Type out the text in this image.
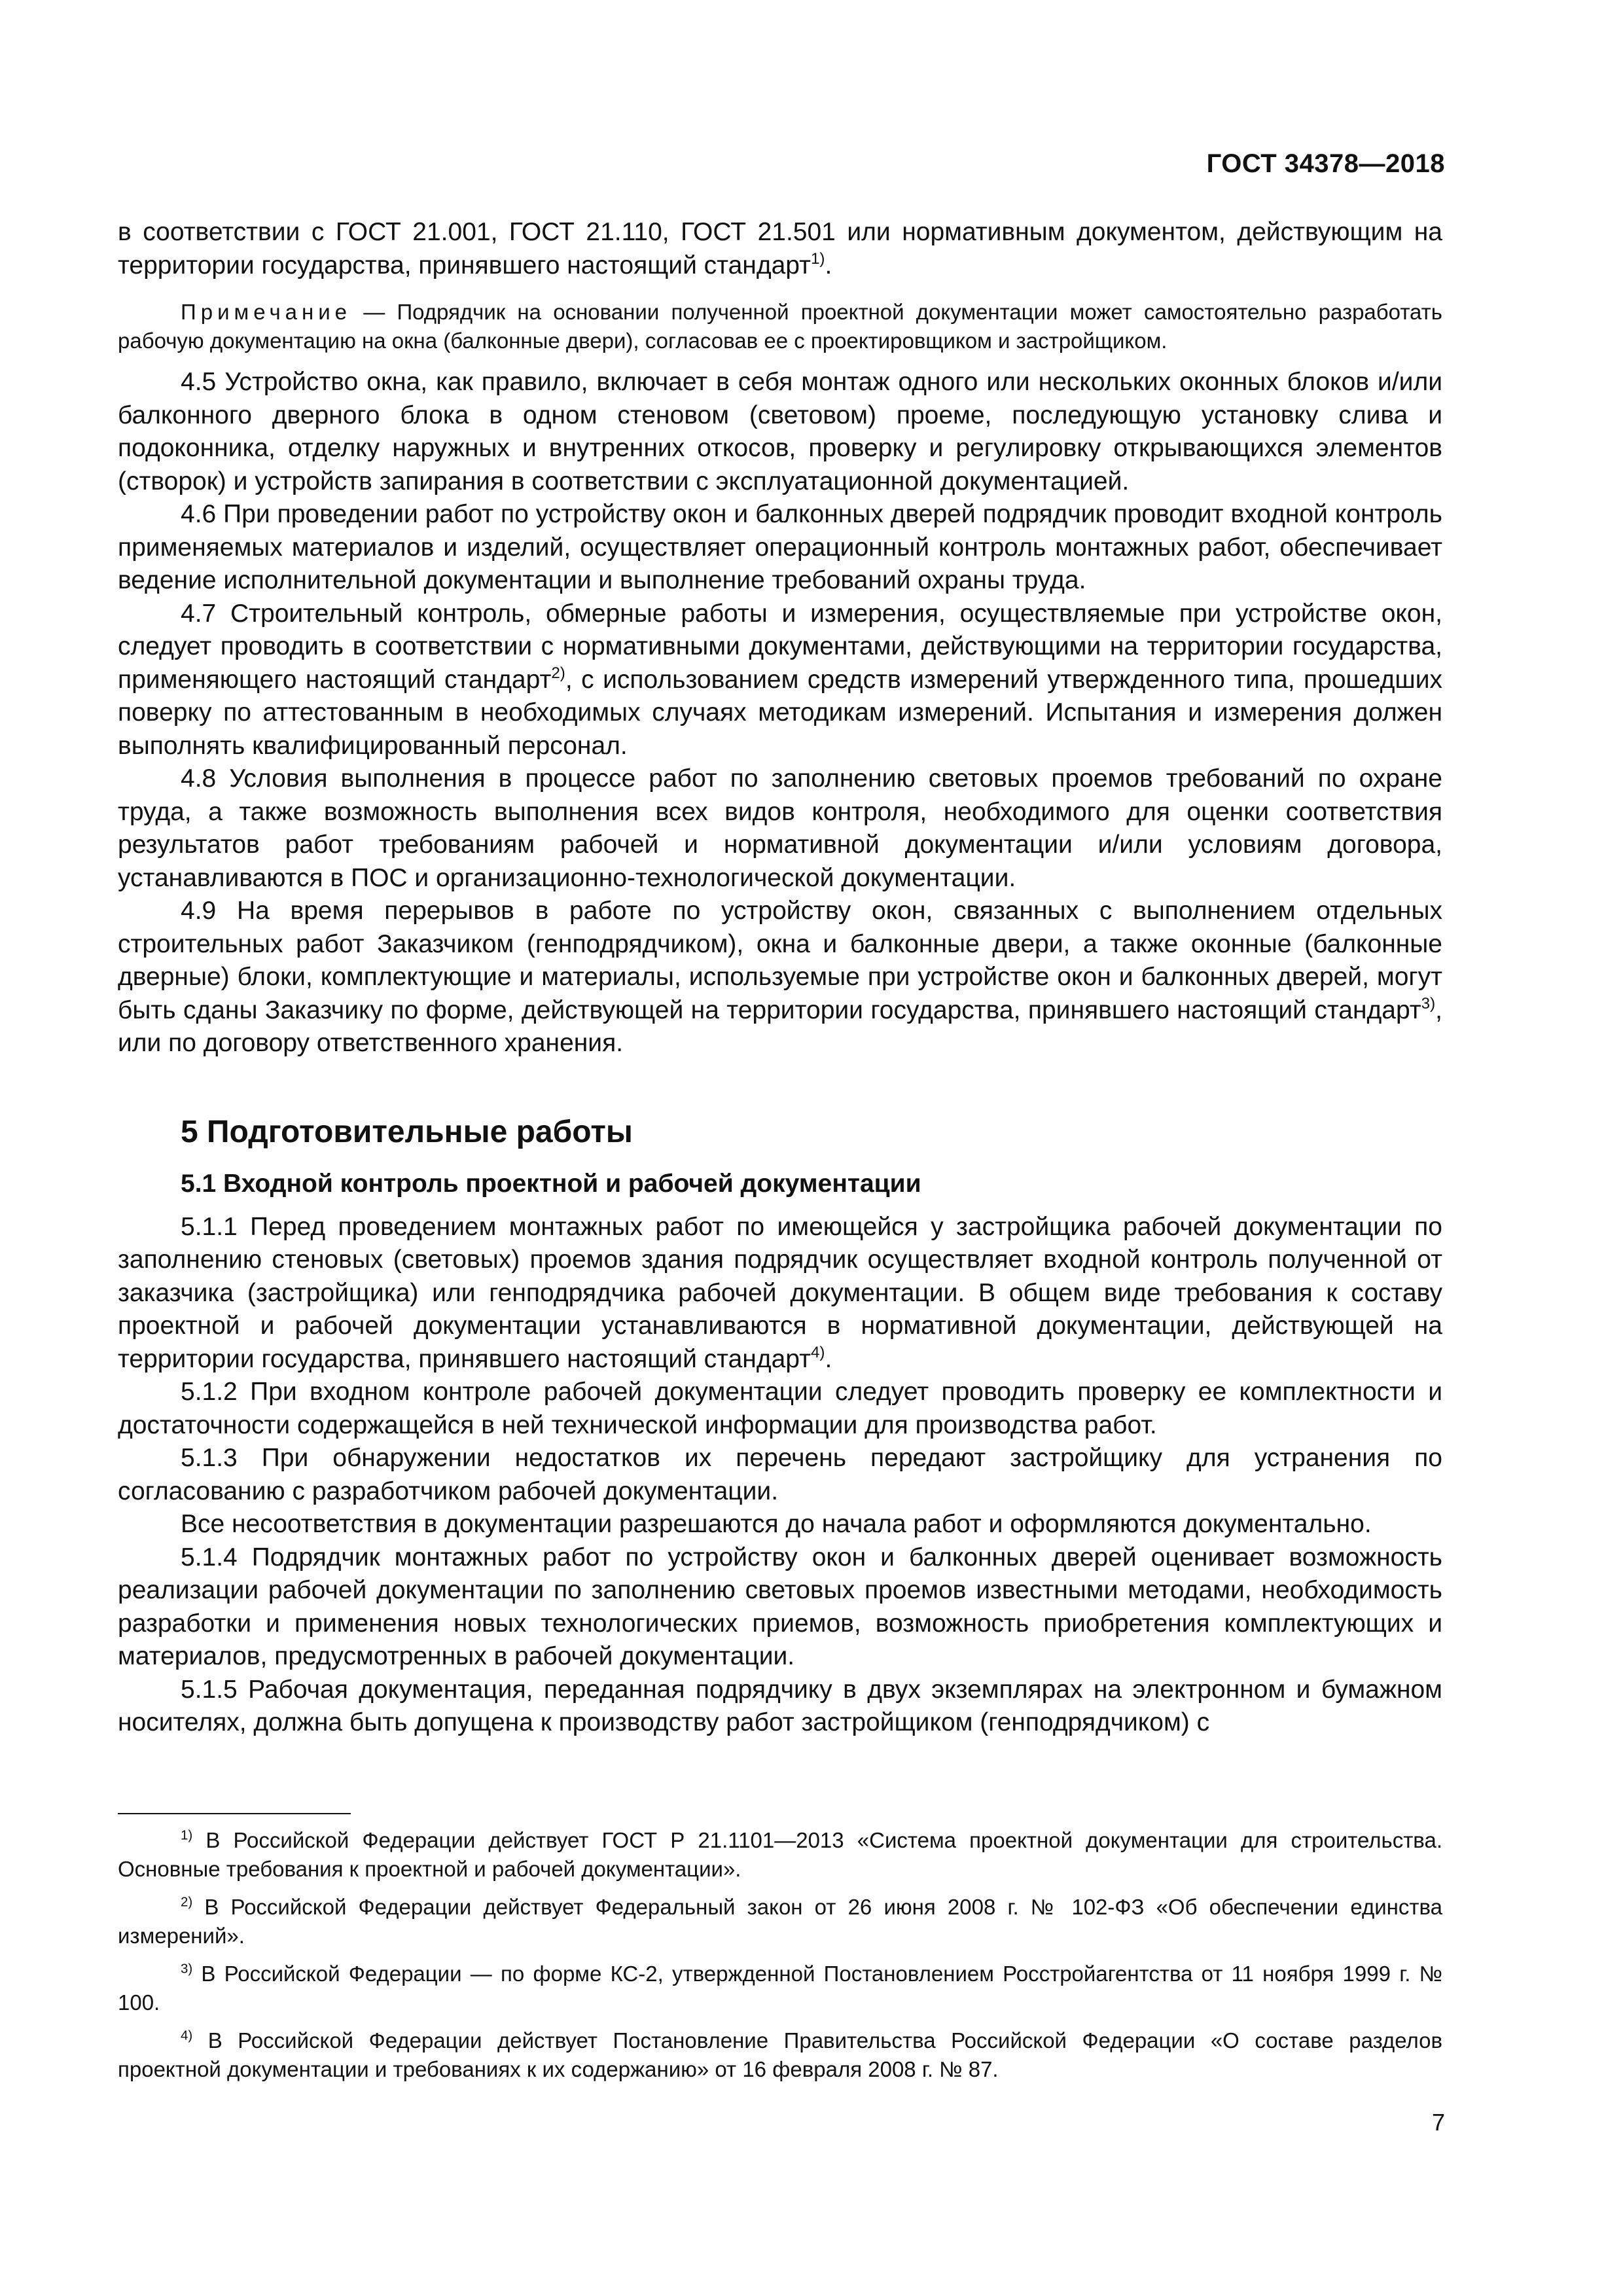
ГОСТ 34378—2018

в соответствии с ГОСТ 21.001, ГОСТ 21.110, ГОСТ 21.501 или нормативным документом, действующим на территории государства, принявшего настоящий стандарт$^{1)}$.

Примечание — Подрядчик на основании полученной проектной документации может самостоятельно разработать рабочую документацию на окна (балконные двери), согласовав ее с проектировщиком и застройщиком.

4.5 Устройство окна, как правило, включает в себя монтаж одного или нескольких оконных блоков и/или балконного дверного блока в одном стеновом (световом) проеме, последующую установку слива и подоконника, отделку наружных и внутренних откосов, проверку и регулировку открывающихся элементов (створок) и устройств запирания в соответствии с эксплуатационной документацией.

4.6 При проведении работ по устройству окон и балконных дверей подрядчик проводит входной контроль применяемых материалов и изделий, осуществляет операционный контроль монтажных работ, обеспечивает ведение исполнительной документации и выполнение требований охраны труда.

4.7 Строительный контроль, обмерные работы и измерения, осуществляемые при устройстве окон, следует проводить в соответствии с нормативными документами, действующими на территории государства, применяющего настоящий стандарт$^{2)}$, с использованием средств измерений утвержденного типа, прошедших поверку по аттестованным в необходимых случаях методикам измерений. Испытания и измерения должен выполнять квалифицированный персонал.

4.8 Условия выполнения в процессе работ по заполнению световых проемов требований по охране труда, а также возможность выполнения всех видов контроля, необходимого для оценки соответствия результатов работ требованиям рабочей и нормативной документации и/или условиям договора, устанавливаются в ПОС и организационно-технологической документации.

4.9 На время перерывов в работе по устройству окон, связанных с выполнением отдельных строительных работ Заказчиком (генподрядчиком), окна и балконные двери, а также оконные (балконные дверные) блоки, комплектующие и материалы, используемые при устройстве окон и балконных дверей, могут быть сданы Заказчику по форме, действующей на территории государства, принявшего настоящий стандарт$^{3)}$, или по договору ответственного хранения.

5 Подготовительные работы
5.1 Входной контроль проектной и рабочей документации

5.1.1 Перед проведением монтажных работ по имеющейся у застройщика рабочей документации по заполнению стеновых (световых) проемов здания подрядчик осуществляет входной контроль полученной от заказчика (застройщика) или генподрядчика рабочей документации. В общем виде требования к составу проектной и рабочей документации устанавливаются в нормативной документации, действующей на территории государства, принявшего настоящий стандарт$^{4)}$.

5.1.2 При входном контроле рабочей документации следует проводить проверку ее комплектности и достаточности содержащейся в ней технической информации для производства работ.

5.1.3 При обнаружении недостатков их перечень передают застройщику для устранения по согласованию с разработчиком рабочей документации.

Все несоответствия в документации разрешаются до начала работ и оформляются документально.

5.1.4 Подрядчик монтажных работ по устройству окон и балконных дверей оценивает возможность реализации рабочей документации по заполнению световых проемов известными методами, необходимость разработки и применения новых технологических приемов, возможность приобретения комплектующих и материалов, предусмотренных в рабочей документации.

5.1.5 Рабочая документация, переданная подрядчику в двух экземплярах на электронном и бумажном носителях, должна быть допущена к производству работ застройщиком (генподрядчиком) с

$^{1)}$ В Российской Федерации действует ГОСТ Р 21.1101—2013 «Система проектной документации для строительства. Основные требования к проектной и рабочей документации».

$^{2)}$ В Российской Федерации действует Федеральный закон от 26 июня 2008 г. № 102-ФЗ «Об обеспечении единства измерений».

$^{3)}$ В Российской Федерации — по форме КС-2, утвержденной Постановлением Росстройагентства от 11 ноября 1999 г. № 100.

$^{4)}$ В Российской Федерации действует Постановление Правительства Российской Федерации «О составе разделов проектной документации и требованиях к их содержанию» от 16 февраля 2008 г. № 87.

7
